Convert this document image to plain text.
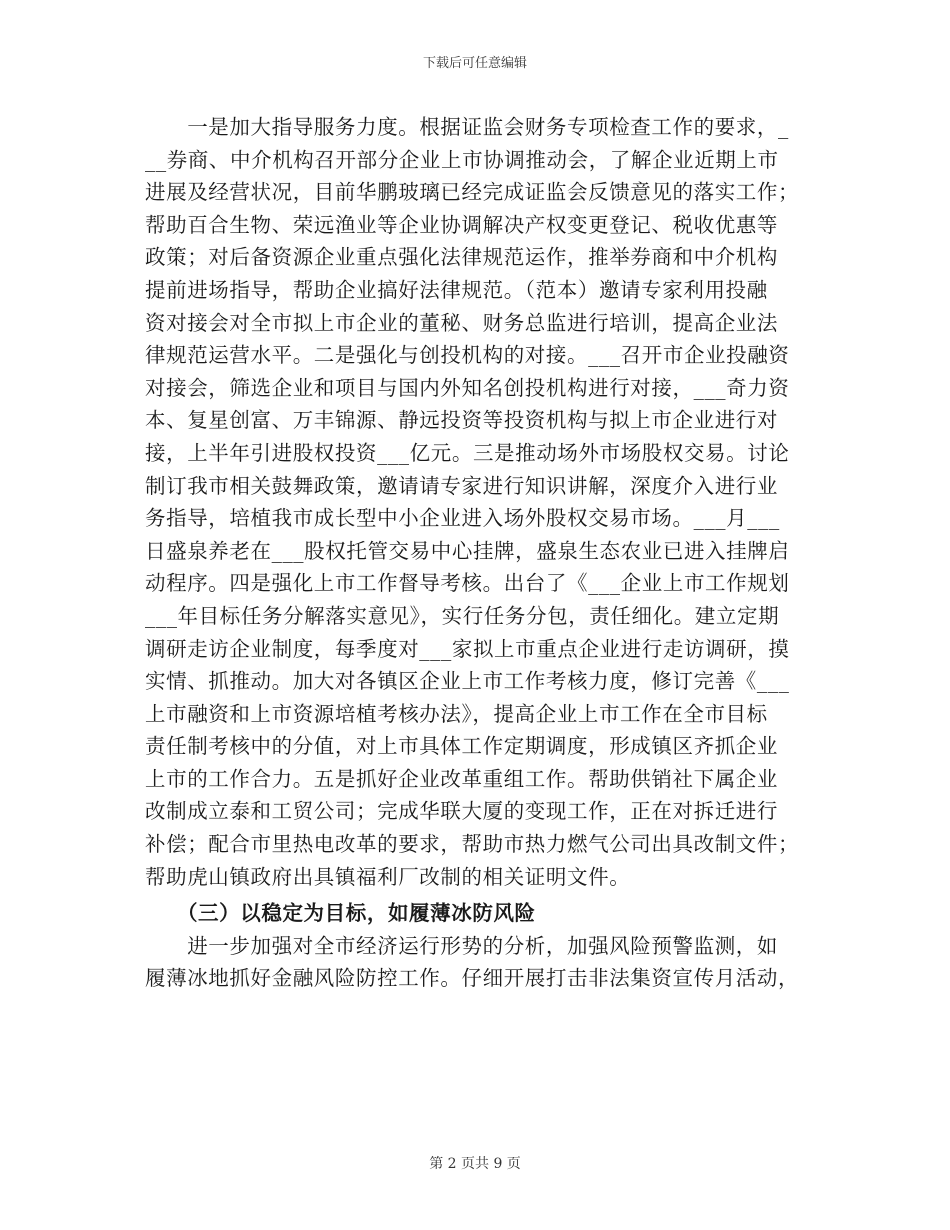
下载后可任意编辑
　　一是加大指导服务力度。根据证监会财务专项检查工作的要求，_
__券商、中介机构召开部分企业上市协调推动会，了解企业近期上市
进展及经营状况，目前华鹏玻璃已经完成证监会反馈意见的落实工作；
帮助百合生物、荣远渔业等企业协调解决产权变更登记、税收优惠等
政策；对后备资源企业重点强化法律规范运作，推举券商和中介机构
提前进场指导，帮助企业搞好法律规范。（范本）邀请专家利用投融
资对接会对全市拟上市企业的董秘、财务总监进行培训，提高企业法
律规范运营水平。二是强化与创投机构的对接。___召开市企业投融资
对接会，筛选企业和项目与国内外知名创投机构进行对接，___奇力资
本、复星创富、万丰锦源、静远投资等投资机构与拟上市企业进行对
接，上半年引进股权投资___亿元。三是推动场外市场股权交易。讨论
制订我市相关鼓舞政策，邀请请专家进行知识讲解，深度介入进行业
务指导，培植我市成长型中小企业进入场外股权交易市场。___月___
日盛泉养老在___股权托管交易中心挂牌，盛泉生态农业已进入挂牌启
动程序。四是强化上市工作督导考核。出台了《___企业上市工作规划
___年目标任务分解落实意见》，实行任务分包，责任细化。建立定期
调研走访企业制度，每季度对___家拟上市重点企业进行走访调研，摸
实情、抓推动。加大对各镇区企业上市工作考核力度，修订完善《___
上市融资和上市资源培植考核办法》，提高企业上市工作在全市目标
责任制考核中的分值，对上市具体工作定期调度，形成镇区齐抓企业
上市的工作合力。五是抓好企业改革重组工作。帮助供销社下属企业
改制成立泰和工贸公司；完成华联大厦的变现工作，正在对拆迁进行
补偿；配合市里热电改革的要求，帮助市热力燃气公司出具改制文件；
帮助虎山镇政府出具镇福利厂改制的相关证明文件。
　　（三）以稳定为目标，如履薄冰防风险
　　进一步加强对全市经济运行形势的分析，加强风险预警监测，如
履薄冰地抓好金融风险防控工作。仔细开展打击非法集资宣传月活动，
第 2 页共 9 页
